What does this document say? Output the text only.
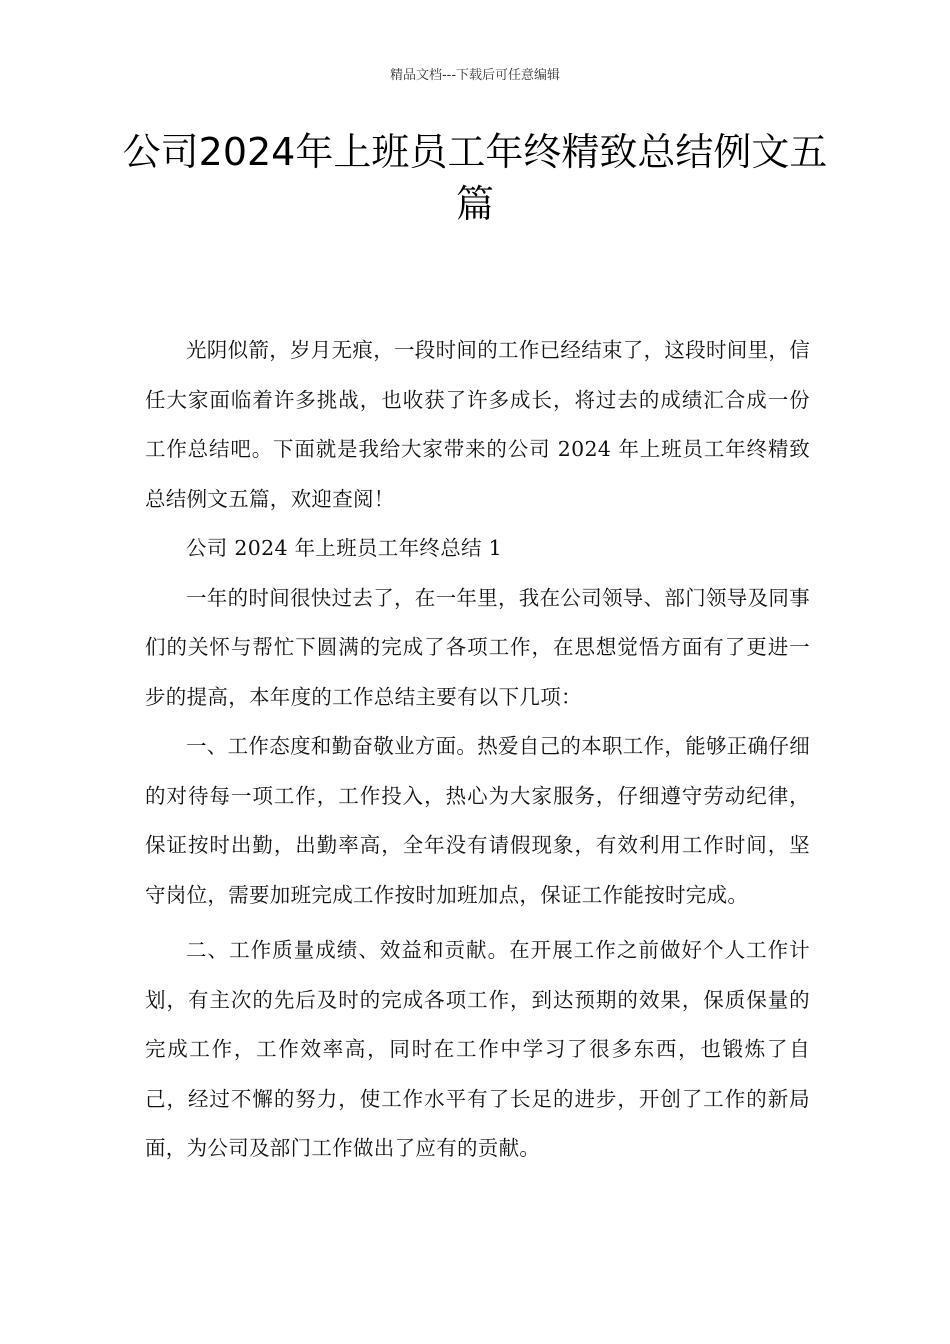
精品文档---下载后可任意编辑
公司2024年上班员工年终精致总结例文五篇

光阴似箭，岁月无痕，一段时间的工作已经结束了，这段时间里，信任大家面临着许多挑战，也收获了许多成长，将过去的成绩汇合成一份工作总结吧。下面就是我给大家带来的公司 2024 年上班员工年终精致总结例文五篇，欢迎查阅！

公司 2024 年上班员工年终总结 1

一年的时间很快过去了，在一年里，我在公司领导、部门领导及同事们的关怀与帮忙下圆满的完成了各项工作，在思想觉悟方面有了更进一步的提高，本年度的工作总结主要有以下几项：

一、工作态度和勤奋敬业方面。热爱自己的本职工作，能够正确仔细的对待每一项工作，工作投入，热心为大家服务，仔细遵守劳动纪律，保证按时出勤，出勤率高，全年没有请假现象，有效利用工作时间，坚守岗位，需要加班完成工作按时加班加点，保证工作能按时完成。

二、工作质量成绩、效益和贡献。在开展工作之前做好个人工作计划，有主次的先后及时的完成各项工作，到达预期的效果，保质保量的完成工作，工作效率高，同时在工作中学习了很多东西，也锻炼了自己，经过不懈的努力，使工作水平有了长足的进步，开创了工作的新局面，为公司及部门工作做出了应有的贡献。
